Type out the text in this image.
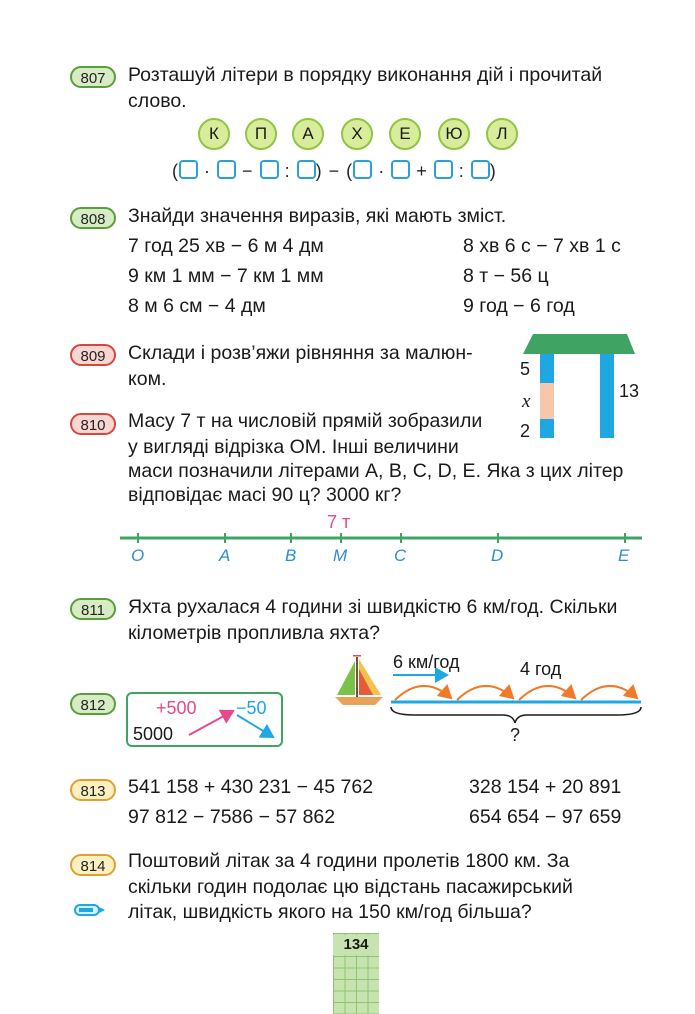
807	Розташуй літери в порядку виконання дій і прочитай
слово.
К	П	А	Х	Е	Ю	Л
( · − : ) − ( · + : )
808	Знайди значення виразів, які мають зміст.
7 год 25 хв − 6 м 4 дм	8 хв 6 с − 7 хв 1 с
9 км 1 мм − 7 км 1 мм	8 т − 56 ц
8 м 6 см − 4 дм	9 год − 6 год
809	Склади і розв’яжи рівняння за малюн-
ком.	5
x
2
13
810	Масу 7 т на числовій прямій зобразили
у вигляді відрізка ОМ. Інші величини
маси позначили літерами А, В, С, D, Е. Яка з цих літер
відповідає масі 90 ц? 3000 кг?
7 т
O	A	B M	C	D	E
811	Яхта рухалася 4 години зі швидкістю 6 км/год. Скільки
кілометрів пропливла яхта?
6 км/год	4 год
?
812
5000
+500 −50
813	541 158 + 430 231 − 45 762	328 154 + 20 891
97 812 − 7586 − 57 862	654 654 − 97 659
814	Поштовий літак за 4 години пролетів 1800 км. За
скільки годин подолає цю відстань пасажирський
літак, швидкість якого на 150 км/год більша?
134
